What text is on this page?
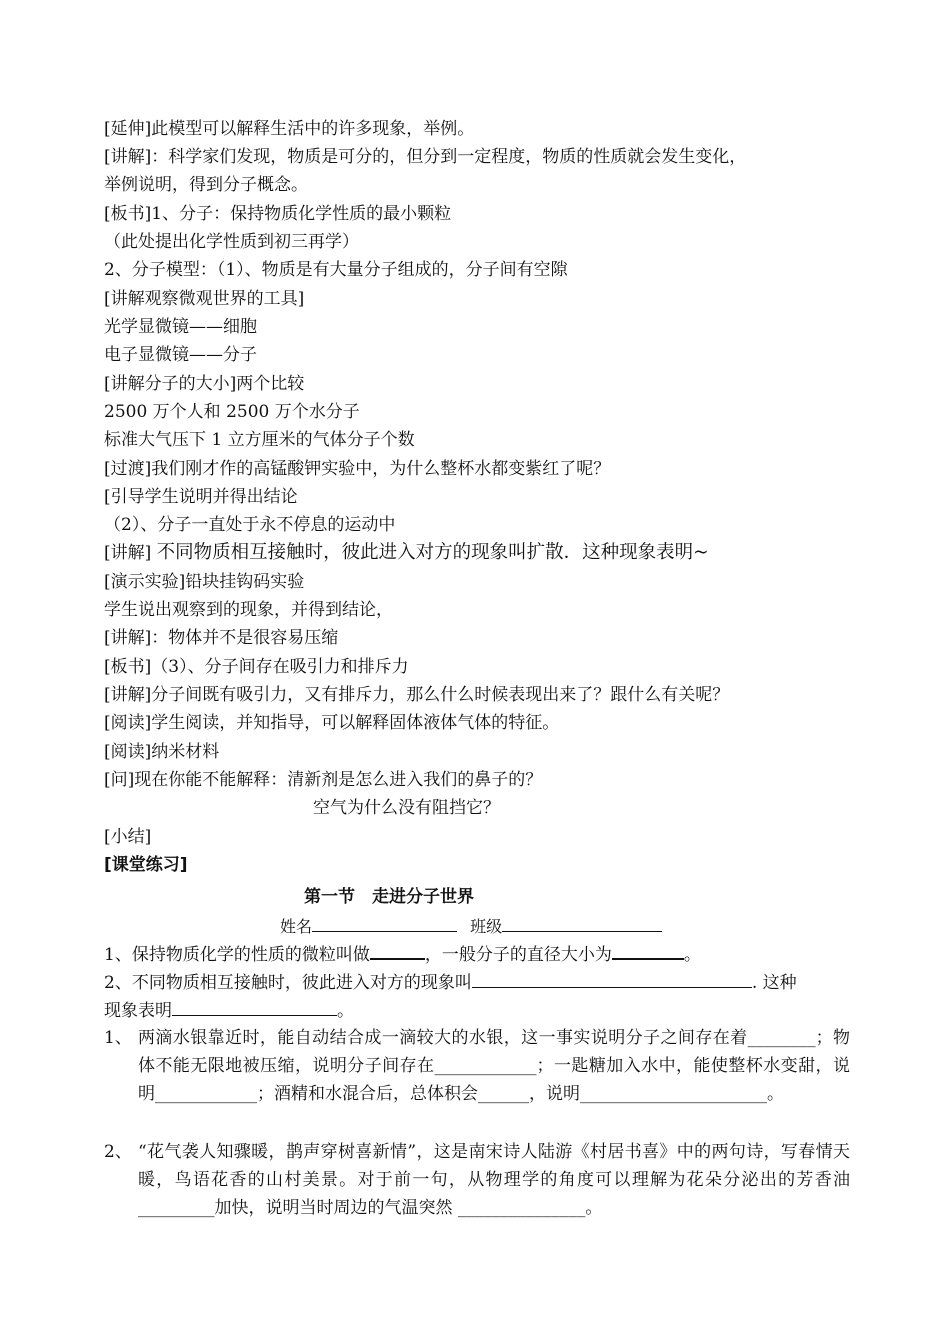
[延伸]此模型可以解释生活中的许多现象，举例。
[讲解]：科学家们发现，物质是可分的，但分到一定程度，物质的性质就会发生变化，
举例说明，得到分子概念。
[板书]1、分子：保持物质化学性质的最小颗粒
（此处提出化学性质到初三再学）
2、分子模型：（1）、物质是有大量分子组成的，分子间有空隙
[讲解观察微观世界的工具]
光学显微镜——细胞
电子显微镜——分子
[讲解分子的大小]两个比较
2500 万个人和 2500 万个水分子
标准大气压下 1 立方厘米的气体分子个数
[过渡]我们刚才作的高锰酸钾实验中，为什么整杯水都变紫红了呢？
[引导学生说明并得出结论
（2）、分子一直处于永不停息的运动中
[讲解] 不同物质相互接触时，彼此进入对方的现象叫扩散．这种现象表明~
[演示实验]铅块挂钩码实验
学生说出观察到的现象，并得到结论，
[讲解]：物体并不是很容易压缩
[板书]（3）、分子间存在吸引力和排斥力
[讲解]分子间既有吸引力，又有排斥力，那么什么时候表现出来了？跟什么有关呢？
[阅读]学生阅读，并知指导，可以解释固体液体气体的特征。
[阅读]纳米材料
[问]现在你能不能解释：清新剂是怎么进入我们的鼻子的？
空气为什么没有阻挡它？
[小结]
[课堂练习]
第一节　走进分子世界
姓名	班级
1、保持物质化学的性质的微粒叫做	，一般分子的直径大小为	。
2、不同物质相互接触时，彼此进入对方的现象叫	. 这种
现象表明	。
1、 两滴水银靠近时，能自动结合成一滴较大的水银，这一事实说明分子之间存在着________；物体不能无限地被压缩，说明分子间存在____________；一匙糖加入水中，能使整杯水变甜，说明____________；酒精和水混合后，总体积会______，说明______________________。
2、 “花气袭人知骤暖，鹊声穿树喜新情”，这是南宋诗人陆游《村居书喜》中的两句诗，写春情天暖，鸟语花香的山村美景。对于前一句，从物理学的角度可以理解为花朵分泌出的芳香油_________加快，说明当时周边的气温突然 _______________。
